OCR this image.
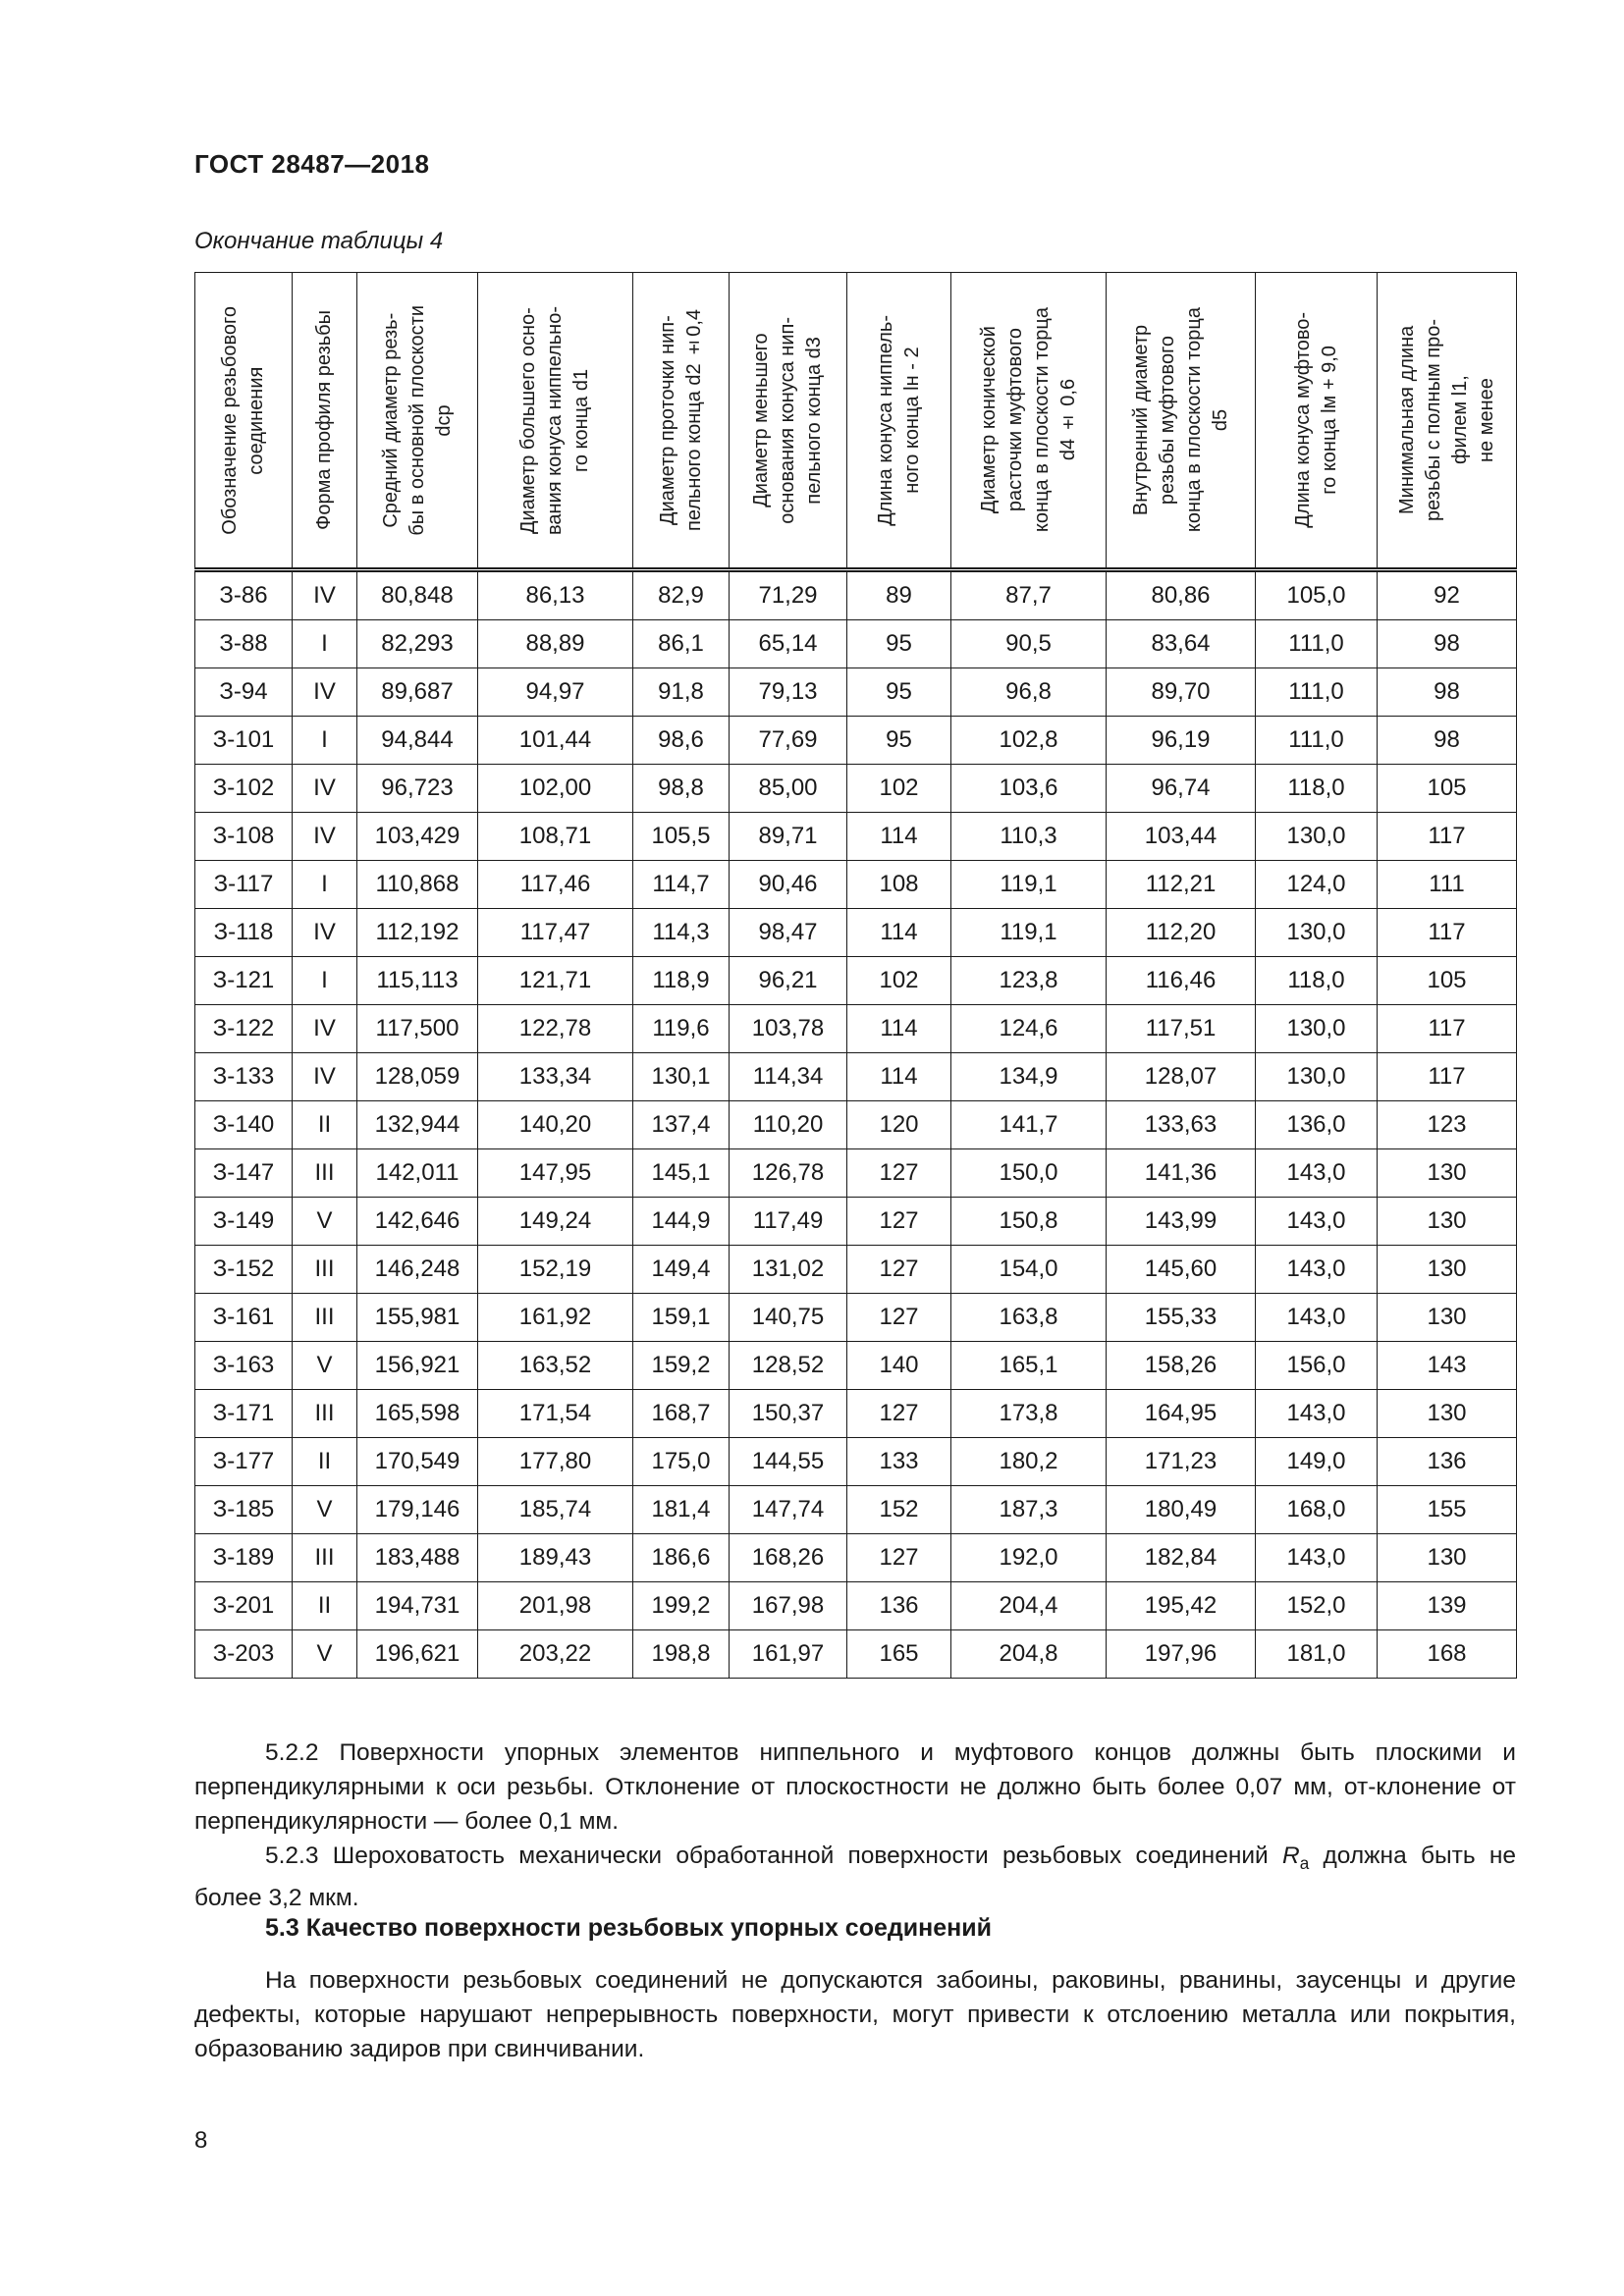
ГОСТ 28487—2018
Окончание таблицы 4
Обозначение резьбового
соединения	Форма профиля резьбы	Средний диаметр резь-
бы в основной плоскости
dср	Диаметр большего осно-
вания конуса ниппельно-
го конца d1	Диаметр проточки нип-
пельного конца d2 ±0,4	Диаметр меньшего
основания конуса нип-
пельного конца d3	Длина конуса ниппель-
ного конца lн - 2	Диаметр конической
расточки муфтового
конца в плоскости торца
d4 ± 0,6	Внутренний диаметр
резьбы муфтового
конца в плоскости торца
d5	Длина конуса муфтово-
го конца lм + 9,0	Минимальная длина
резьбы с полным про-
филем l1,
не менее

З-86	IV	80,848	86,13	82,9	71,29	89	87,7	80,86	105,0	92
З-88	I	82,293	88,89	86,1	65,14	95	90,5	83,64	111,0	98
З-94	IV	89,687	94,97	91,8	79,13	95	96,8	89,70	111,0	98
З-101	I	94,844	101,44	98,6	77,69	95	102,8	96,19	111,0	98
З-102	IV	96,723	102,00	98,8	85,00	102	103,6	96,74	118,0	105
З-108	IV	103,429	108,71	105,5	89,71	114	110,3	103,44	130,0	117
З-117	I	110,868	117,46	114,7	90,46	108	119,1	112,21	124,0	111
З-118	IV	112,192	117,47	114,3	98,47	114	119,1	112,20	130,0	117
З-121	I	115,113	121,71	118,9	96,21	102	123,8	116,46	118,0	105
З-122	IV	117,500	122,78	119,6	103,78	114	124,6	117,51	130,0	117
З-133	IV	128,059	133,34	130,1	114,34	114	134,9	128,07	130,0	117
З-140	II	132,944	140,20	137,4	110,20	120	141,7	133,63	136,0	123
З-147	III	142,011	147,95	145,1	126,78	127	150,0	141,36	143,0	130
З-149	V	142,646	149,24	144,9	117,49	127	150,8	143,99	143,0	130
З-152	III	146,248	152,19	149,4	131,02	127	154,0	145,60	143,0	130
З-161	III	155,981	161,92	159,1	140,75	127	163,8	155,33	143,0	130
З-163	V	156,921	163,52	159,2	128,52	140	165,1	158,26	156,0	143
З-171	III	165,598	171,54	168,7	150,37	127	173,8	164,95	143,0	130
З-177	II	170,549	177,80	175,0	144,55	133	180,2	171,23	149,0	136
З-185	V	179,146	185,74	181,4	147,74	152	187,3	180,49	168,0	155
З-189	III	183,488	189,43	186,6	168,26	127	192,0	182,84	143,0	130
З-201	II	194,731	201,98	199,2	167,98	136	204,4	195,42	152,0	139
З-203	V	196,621	203,22	198,8	161,97	165	204,8	197,96	181,0	168
5.2.2 Поверхности упорных элементов ниппельного и муфтового концов должны быть плоскими и перпендикулярными к оси резьбы. Отклонение от плоскостности не должно быть более 0,07 мм, от-клонение от перпендикулярности — более 0,1 мм.
5.2.3 Шероховатость механически обработанной поверхности резьбовых соединений $R_a$ должна быть не более 3,2 мкм.
5.3 Качество поверхности резьбовых упорных соединений
На поверхности резьбовых соединений не допускаются забоины, раковины, рванины, заусенцы и другие дефекты, которые нарушают непрерывность поверхности, могут привести к отслоению металла или покрытия, образованию задиров при свинчивании.
8
